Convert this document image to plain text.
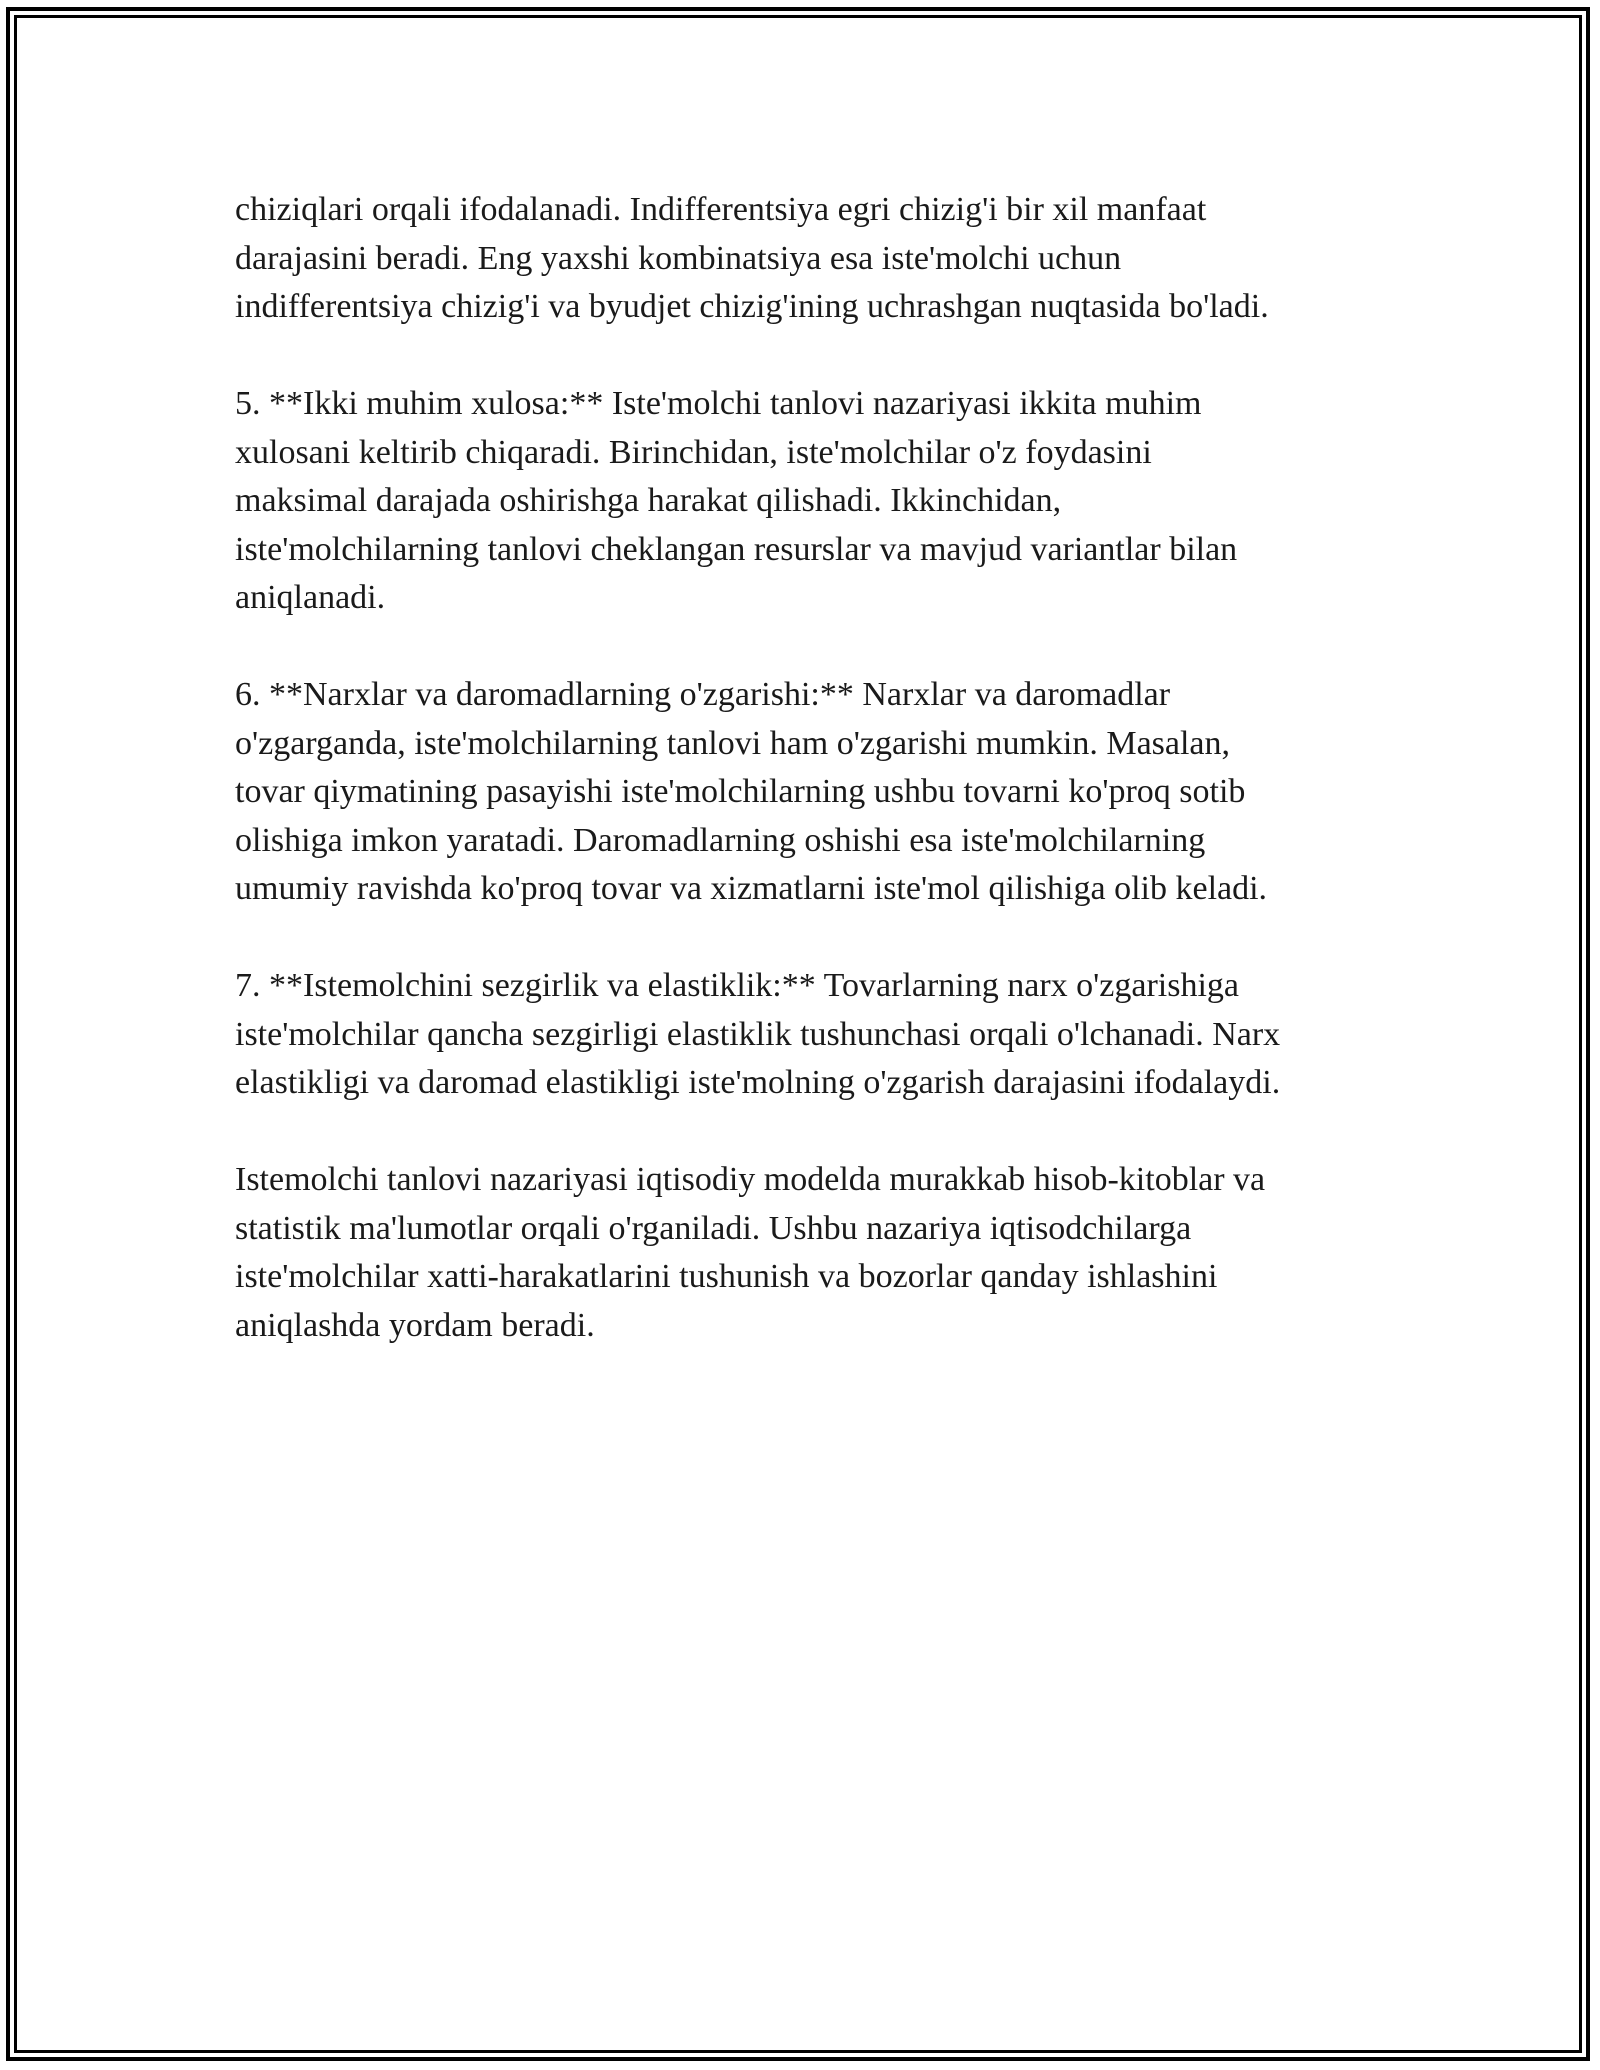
chiziqlari orqali ifodalanadi. Indifferentsiya egri chizig'i bir xil manfaat
darajasini beradi. Eng yaxshi kombinatsiya esa iste'molchi uchun
indifferentsiya chizig'i va byudjet chizig'ining uchrashgan nuqtasida bo'ladi.
5. **Ikki muhim xulosa:** Iste'molchi tanlovi nazariyasi ikkita muhim
xulosani keltirib chiqaradi. Birinchidan, iste'molchilar o'z foydasini
maksimal darajada oshirishga harakat qilishadi. Ikkinchidan,
iste'molchilarning tanlovi cheklangan resurslar va mavjud variantlar bilan
aniqlanadi.
6. **Narxlar va daromadlarning o'zgarishi:** Narxlar va daromadlar
o'zgarganda, iste'molchilarning tanlovi ham o'zgarishi mumkin. Masalan,
tovar qiymatining pasayishi iste'molchilarning ushbu tovarni ko'proq sotib
olishiga imkon yaratadi. Daromadlarning oshishi esa iste'molchilarning
umumiy ravishda ko'proq tovar va xizmatlarni iste'mol qilishiga olib keladi.
7. **Istemolchini sezgirlik va elastiklik:** Tovarlarning narx o'zgarishiga
iste'molchilar qancha sezgirligi elastiklik tushunchasi orqali o'lchanadi. Narx
elastikligi va daromad elastikligi iste'molning o'zgarish darajasini ifodalaydi.
Istemolchi tanlovi nazariyasi iqtisodiy modelda murakkab hisob-kitoblar va
statistik ma'lumotlar orqali o'rganiladi. Ushbu nazariya iqtisodchilarga
iste'molchilar xatti-harakatlarini tushunish va bozorlar qanday ishlashini
aniqlashda yordam beradi.
